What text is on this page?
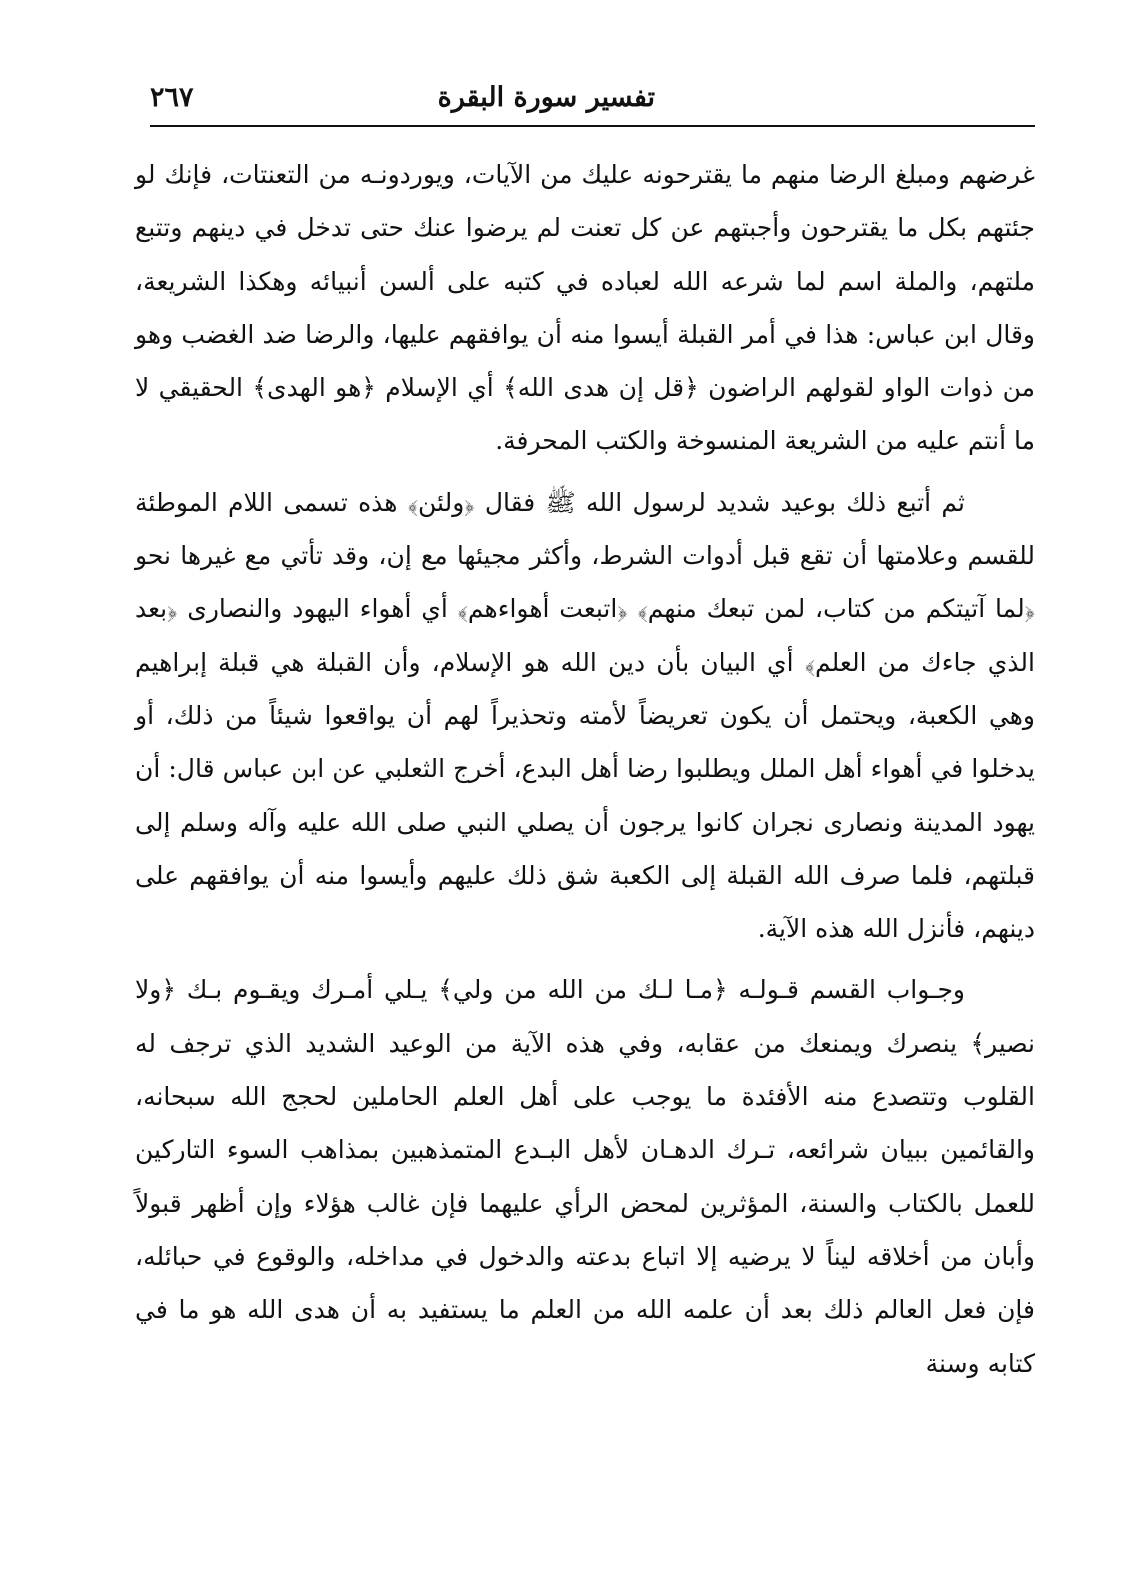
تفسير سورة البقرة
٢٦٧

غرضهم ومبلغ الرضا منهم ما يقترحونه عليك من الآيات، ويوردونـه من التعنتات، فإنك لو جئتهم بكل ما يقترحون وأجبتهم عن كل تعنت لم يرضوا عنك حتى تدخل في دينهم وتتبع ملتهم، والملة اسم لما شرعه الله لعباده في كتبه على ألسن أنبيائه وهكذا الشريعة، وقال ابن عباس: هذا في أمر القبلة أيسوا منه أن يوافقهم عليها، والرضا ضد الغضب وهو من ذوات الواو لقولهم الراضون ﴿قل إن هدى الله﴾ أي الإسلام ﴿هو الهدى﴾ الحقيقي لا ما أنتم عليه من الشريعة المنسوخة والكتب المحرفة.

ثم أتبع ذلك بوعيد شديد لرسول الله ﷺ فقال ﴿ولئن﴾ هذه تسمى اللام الموطئة للقسم وعلامتها أن تقع قبل أدوات الشرط، وأكثر مجيئها مع إن، وقد تأتي مع غيرها نحو ﴿لما آتيتكم من كتاب، لمن تبعك منهم﴾ ﴿اتبعت أهواءهم﴾ أي أهواء اليهود والنصارى ﴿بعد الذي جاءك من العلم﴾ أي البيان بأن دين الله هو الإسلام، وأن القبلة هي قبلة إبراهيم وهي الكعبة، ويحتمل أن يكون تعريضاً لأمته وتحذيراً لهم أن يواقعوا شيئاً من ذلك، أو يدخلوا في أهواء أهل الملل ويطلبوا رضا أهل البدع، أخرج الثعلبي عن ابن عباس قال: أن يهود المدينة ونصارى نجران كانوا يرجون أن يصلي النبي صلى الله عليه وآله وسلم إلى قبلتهم، فلما صرف الله القبلة إلى الكعبة شق ذلك عليهم وأيسوا منه أن يوافقهم على دينهم، فأنزل الله هذه الآية.

وجـواب القسم قـولـه ﴿مـا لـك من الله من ولي﴾ يـلي أمـرك ويقـوم بـك ﴿ولا نصير﴾ ينصرك ويمنعك من عقابه، وفي هذه الآية من الوعيد الشديد الذي ترجف له القلوب وتتصدع منه الأفئدة ما يوجب على أهل العلم الحاملين لحجج الله سبحانه، والقائمين ببيان شرائعه، تـرك الدهـان لأهل البـدع المتمذهبين بمذاهب السوء التاركين للعمل بالكتاب والسنة، المؤثرين لمحض الرأي عليهما فإن غالب هؤلاء وإن أظهر قبولاً وأبان من أخلاقه ليناً لا يرضيه إلا اتباع بدعته والدخول في مداخله، والوقوع في حبائله، فإن فعل العالم ذلك بعد أن علمه الله من العلم ما يستفيد به أن هدى الله هو ما في كتابه وسنة
